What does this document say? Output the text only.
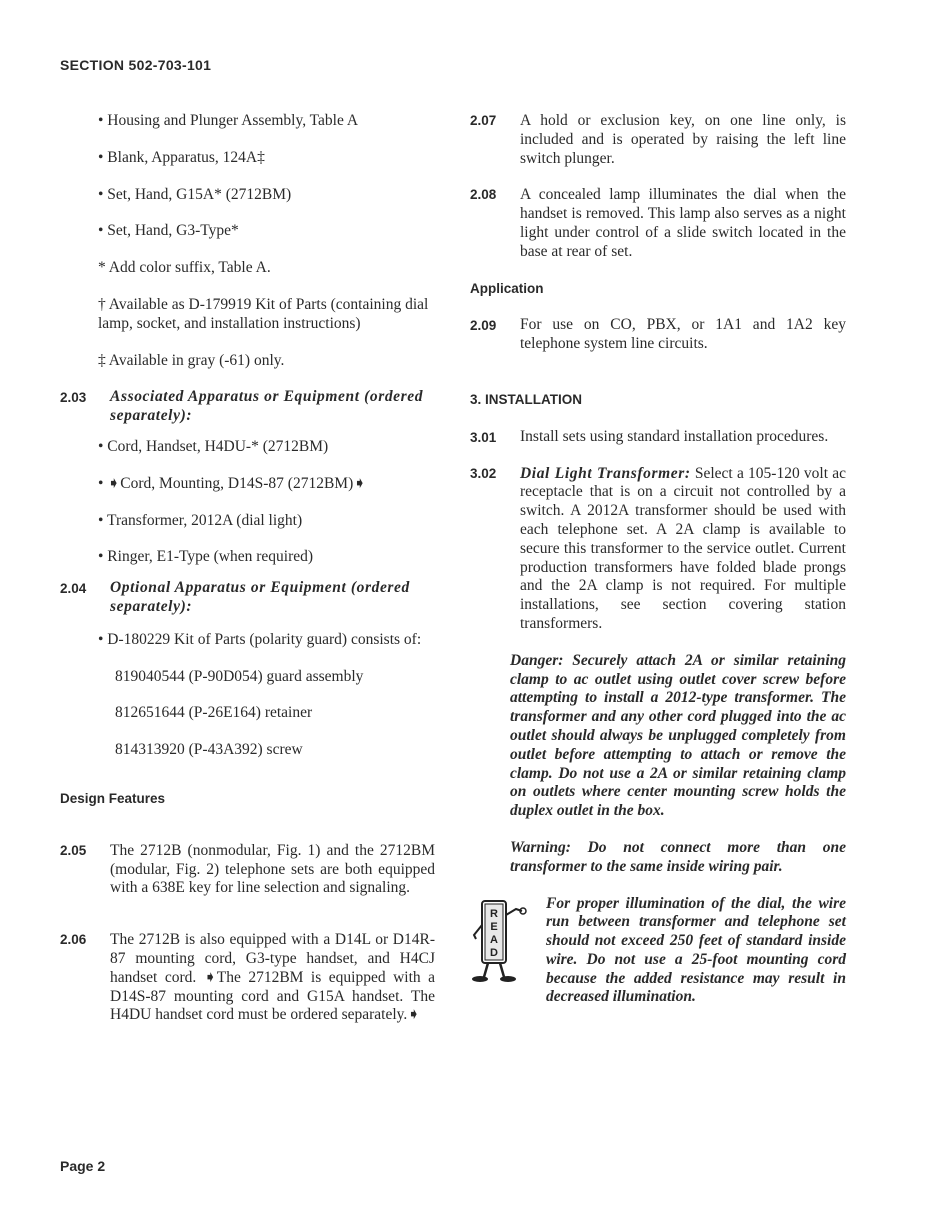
SECTION 502-703-101

• Housing and Plunger Assembly, Table A

• Blank, Apparatus, 124A‡

• Set, Hand, G15A* (2712BM)

• Set, Hand, G3-Type*

* Add color suffix, Table A.

† Available as D-179919 Kit of Parts (containing dial lamp, socket, and installation instructions)

‡ Available in gray (-61) only.

2.03	Associated Apparatus or Equipment (ordered separately):

• Cord, Handset, H4DU-* (2712BM)

• ➧Cord, Mounting, D14S-87 (2712BM)➧

• Transformer, 2012A (dial light)

• Ringer, E1-Type (when required)

2.04	Optional Apparatus or Equipment (ordered separately):

• D-180229 Kit of Parts (polarity guard) consists of:

819040544 (P-90D054) guard assembly

812651644 (P-26E164) retainer

814313920 (P-43A392) screw

Design Features

2.05 The 2712B (nonmodular, Fig. 1) and the 2712BM (modular, Fig. 2) telephone sets are both equipped with a 638E key for line selection and signaling.

2.06 The 2712B is also equipped with a D14L or D14R-87 mounting cord, G3-type handset, and H4CJ handset cord. ➧The 2712BM is equipped with a D14S-87 mounting cord and G15A handset. The H4DU handset cord must be ordered separately.➧

2.07 A hold or exclusion key, on one line only, is included and is operated by raising the left line switch plunger.

2.08 A concealed lamp illuminates the dial when the handset is removed. This lamp also serves as a night light under control of a slide switch located in the base at rear of set.

Application

2.09	For use on CO, PBX, or 1A1 and 1A2 key telephone system line circuits.

3. INSTALLATION

3.01	Install sets using standard installation procedures.

3.02 Dial Light Transformer: Select a 105-120 volt ac receptacle that is on a circuit not controlled by a switch. A 2012A transformer should be used with each telephone set. A 2A clamp is available to secure this transformer to the service outlet. Current production transformers have folded blade prongs and the 2A clamp is not required. For multiple installations, see section covering station transformers.

Danger: Securely attach 2A or similar retaining clamp to ac outlet using outlet cover screw before attempting to install a 2012-type transformer. The transformer and any other cord plugged into the ac outlet should always be unplugged completely from outlet before attempting to attach or remove the clamp. Do not use a 2A or similar retaining clamp on outlets where center mounting screw holds the duplex outlet in the box.

Warning: Do not connect more than one transformer to the same inside wiring pair.

R
E
A
D

For proper illumination of the dial, the wire run between transformer and telephone set should not exceed 250 feet of standard inside wire. Do not use a 25-foot mounting cord because the added resistance may result in decreased illumination.

Page 2
